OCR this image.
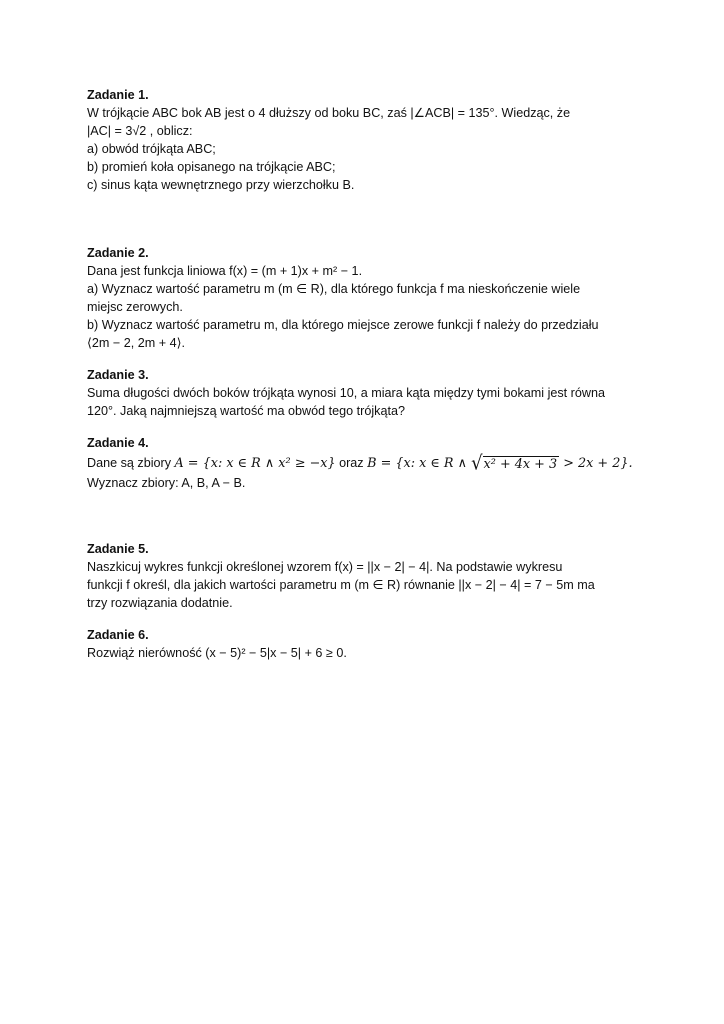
Zadanie 1.
W trójkącie ABC bok AB jest o 4 dłuższy od boku BC, zaś |∠ACB| = 135°. Wiedząc, że
|AC| = 3√2 , oblicz:
a) obwód trójkąta ABC;
b) promień koła opisanego na trójkącie ABC;
c) sinus kąta wewnętrznego przy wierzchołku B.
Zadanie 2.
Dana jest funkcja liniowa f(x) = (m + 1)x + m² − 1.
a) Wyznacz wartość parametru m (m ∈ R), dla którego funkcja f ma nieskończenie wiele
miejsc zerowych.
b) Wyznacz wartość parametru m, dla którego miejsce zerowe funkcji f należy do przedziału
⟨2m − 2, 2m + 4⟩.
Zadanie 3.
Suma długości dwóch boków trójkąta wynosi 10, a miara kąta między tymi bokami jest równa
120°. Jaką najmniejszą wartość ma obwód tego trójkąta?
Zadanie 4.
Dane są zbiory A = {x: x ∈ R ∧ x² ≥ −x} oraz B = {x: x ∈ R ∧ √x² + 4x + 3 > 2x + 2}.
Wyznacz zbiory: A, B, A − B.
Zadanie 5.
Naszkicuj wykres funkcji określonej wzorem f(x) = ||x − 2| − 4|. Na podstawie wykresu
funkcji f określ, dla jakich wartości parametru m (m ∈ R) równanie ||x − 2| − 4| = 7 − 5m ma
trzy rozwiązania dodatnie.
Zadanie 6.
Rozwiąż nierówność (x − 5)² − 5|x − 5| + 6 ≥ 0.
